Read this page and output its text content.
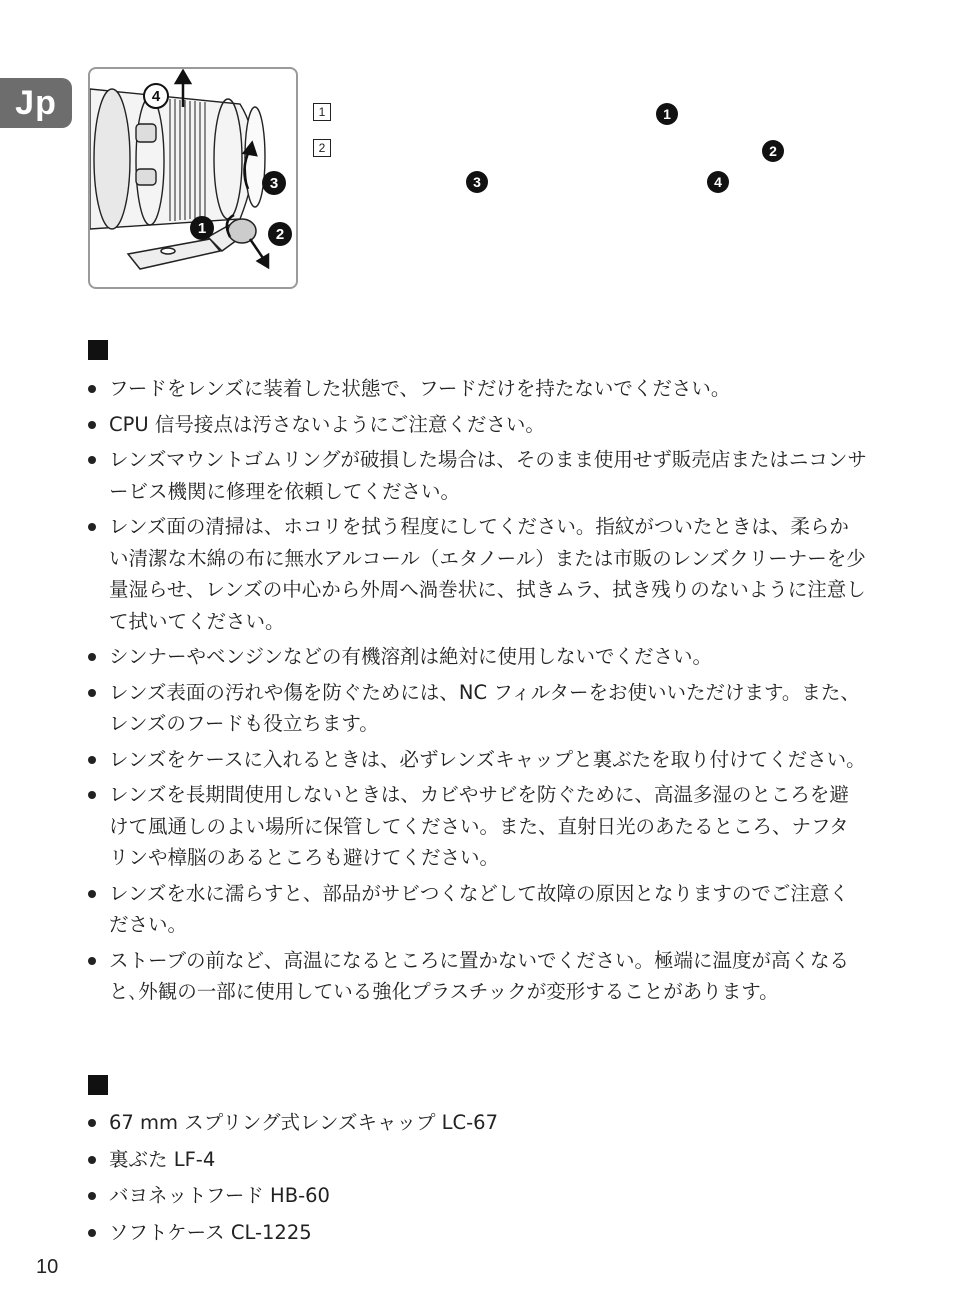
Jp	4
3
1	2
1	1
2	2
3	4
フードをレンズに装着した状態で、フードだけを持たないでください。
CPU 信号接点は汚さないようにご注意ください。
レンズマウントゴムリングが破損した場合は、そのまま使用せず販売店またはニコンサービス機関に修理を依頼してください。
レンズ面の清掃は、ホコリを拭う程度にしてください。指紋がついたときは、柔らかい清潔な木綿の布に無水アルコール（エタノール）または市販のレンズクリーナーを少量湿らせ、レンズの中心から外周へ渦巻状に、拭きムラ、拭き残りのないように注意して拭いてください。
シンナーやベンジンなどの有機溶剤は絶対に使用しないでください。
レンズ表面の汚れや傷を防ぐためには、NC フィルターをお使いいただけます。また、レンズのフードも役立ちます。
レンズをケースに入れるときは、必ずレンズキャップと裏ぶたを取り付けてください。
レンズを長期間使用しないときは、カビやサビを防ぐために、高温多湿のところを避けて風通しのよい場所に保管してください。また、直射日光のあたるところ、ナフタリンや樟脳のあるところも避けてください。
レンズを水に濡らすと、部品がサビつくなどして故障の原因となりますのでご注意ください。
ストーブの前など、高温になるところに置かないでください。極端に温度が高くなると､外観の一部に使用している強化プラスチックが変形することがあります。
67 mm スプリング式レンズキャップ LC-67
裏ぶた LF-4
バヨネットフード HB-60
ソフトケース CL-1225
10
